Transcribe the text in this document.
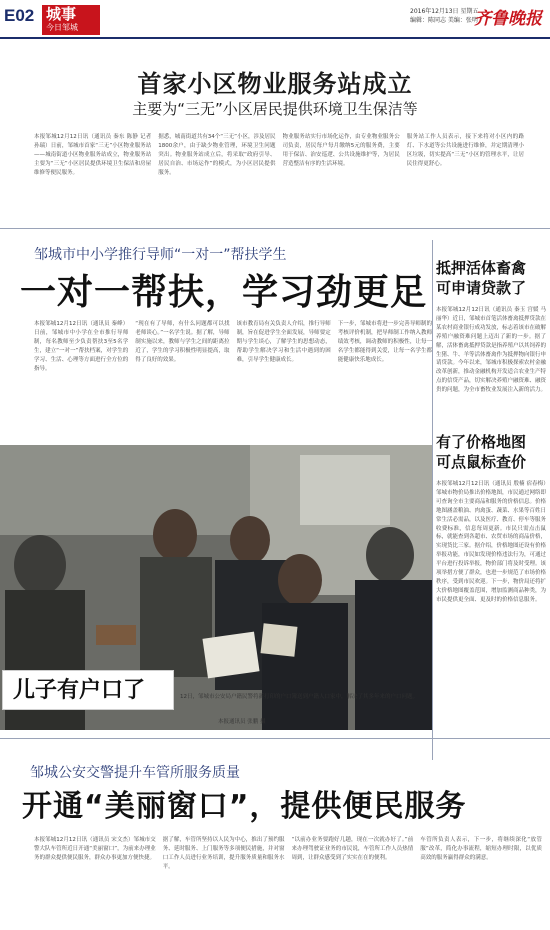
E02 城事
今日邹城
2016年12月13日 星期五
编辑：陈同志 美编：张明
齐鲁晚报
首家小区物业服务站成立
主要为“三无”小区居民提供环境卫生保洁等
本报邹城12月12日讯（通讯员 秦东 陈静 记者 孙瑞）日前，邹城市首家“三无”小区物业服务站——城南街道小区物业服务站成立，物业服务站主要为“三无”小区居民提供环境卫生保洁和房屋维修等便民服务。
据悉，城南街道共有34个“三无”小区，涉及居民1800余户，由于缺少物业管理，环境卫生问题突出。物业服务站成立后，将采取“政府引导、居民自治、市场运作”的模式，为小区居民提供服务。
物业服务站实行市场化运作，由专业物业服务公司负责，居民每户每月缴纳5元的服务费，主要用于保洁、治安巡逻、公共设施维护等，为居民营造整洁有序的生活环境。
服务站工作人员表示，接下来将对小区内的路灯、下水道等公共设施进行维修，并定期清理小区垃圾，切实提高“三无”小区的管理水平，让居民住得更舒心。
邹城市中小学推行导师“一对一”帮扶学生
一对一帮扶，学习劲更足
本报邹城12月12日讯（通讯员 秦峰）日前，邹城市中小学在全市推行导师制，每名教师至少负责帮扶3至5名学生，建立“一对一”帮扶档案，对学生的学习、生活、心理等方面进行全方位的指导。
“现在有了导师，有什么问题都可以找老师谈心。”一名学生说。据了解，导师制实施以来，教师与学生之间的距离拉近了，学生的学习积极性明显提高，取得了良好的效果。
该市教育局有关负责人介绍，推行导师制，旨在促进学生全面发展，导师要定期与学生谈心，了解学生的思想动态，帮助学生解决学习和生活中遇到的困难，引导学生健康成长。
下一步，邹城市将进一步完善导师制的考核评价机制，把导师制工作纳入教师绩效考核，调动教师的积极性，让每一名学生都能得到关爱，让每一名学生都能健康快乐地成长。
儿子有户口了	12日，邹城市公安局户籍民警将新打印的户口簿送到户籍人口家中，解决了其多年来的户口问题。
本报通讯员 张鹏 摄
抵押活体畜禽
可申请贷款了
本报邹城12月12日讯（通讯员 秦玉 宫媛 马丽华）近日，邹城市首笔活体畜禽抵押贷款在某农村商业银行成功发放，标志着该市在破解养殖户融资难问题上迈出了新的一步。据了解，活体畜禽抵押贷款是指养殖户以其饲养的生猪、牛、羊等活体畜禽作为抵押物向银行申请贷款。今年以来，邹城市积极探索农村金融改革创新，推动金融机构开发适合农业生产特点的信贷产品，切实解决养殖户融资难、融资贵的问题，为全市畜牧业发展注入新的活力。
有了价格地图
可点鼠标查价
本报邹城12月12日讯（通讯员 殷楠 宿春梅）邹城市物价局推出价格地图，市民通过网络即可查询全市主要商品和服务的价格信息。价格地图涵盖粮油、肉禽蛋、蔬菜、水果等百姓日常生活必需品，以及医疗、教育、停车等服务收费标准，信息每周更新。市民只需点击鼠标，就能查到各超市、农贸市场的商品价格，实现货比三家。据介绍，价格地图还设有价格举报功能，市民如发现价格违法行为，可通过平台进行投诉举报，物价部门将及时受理。该项举措方便了群众，也进一步规范了市场价格秩序，受到市民欢迎。下一步，物价局还将扩大价格地图覆盖范围，增加监测商品种类，为市民提供更全面、更及时的价格信息服务。
邹城公安交警提升车管所服务质量
开通“美丽窗口”，提供便民服务
本报邹城12月12日讯（通讯员 宋文杰）邹城市交警大队车管所近日开通“美丽窗口”，为前来办理业务的群众提供便民服务，群众办事更加方便快捷。
据了解，车管所坚持以人民为中心，推出了预约服务、延时服务、上门服务等多项便民措施，并对窗口工作人员进行业务培训，提升服务质量和服务水平。
“以前办业务要跑好几趟，现在一次就办好了。”前来办理驾驶证业务的市民说，车管所工作人员热情周到，让群众感受到了实实在在的便利。
车管所负责人表示，下一步，将继续深化“放管服”改革，简化办事流程，缩短办理时限，以优质高效的服务赢得群众的满意。
